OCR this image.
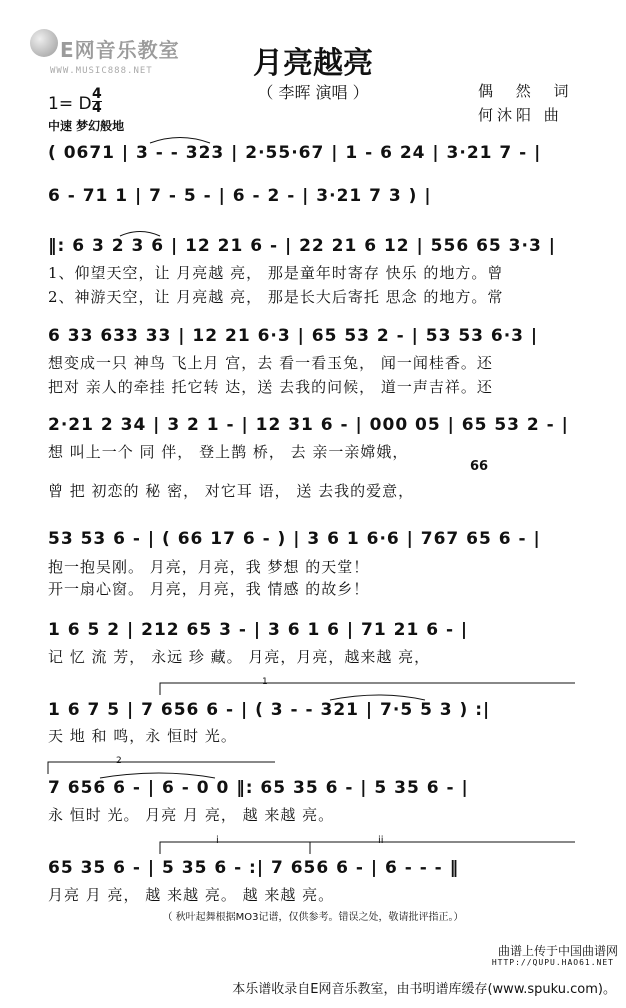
E网音乐教室
WWW.MUSIC888.NET	月亮越亮
（ 李晖 演唱 ）
1= D 4
4
中速 梦幻般地
偶 然 词
何沐阳 曲
( 0671 | 3 - - 323 | 2·55·67 | 1 - 6 24 | 3·21 7 - |
6 - 71 1 | 7 - 5 - | 6 - 2 - | 3·21 7 3 ) |
‖: 6 3 2 3 6 | 12 21 6 - | 22 21 6 12 | 556 65 3·3 |
1、仰望天空，让 月亮越 亮， 那是童年时寄存 快乐 的地方。曾
2、神游天空，让 月亮越 亮， 那是长大后寄托 思念 的地方。常
6 33 633 33 | 12 21 6·3 | 65 53 2 - | 53 53 6·3 |
想变成一只 神鸟 飞上月 宫，去 看一看玉兔， 闻一闻桂香。还
把对 亲人的牵挂 托它转 达，送 去我的问候， 道一声吉祥。还
2·21 2 34 | 3 2 1 - | 12 31 6 - | 000 05 | 65 53 2 - |
想 叫上一个 同 伴， 登上鹊 桥， 去 亲一亲嫦娥，
66
曾 把 初恋的 秘 密， 对它耳 语， 送 去我的爱意，
53 53 6 - | ( 66 17 6 - ) | 3 6 1 6·6 | 767 65 6 - |
抱一抱吴刚。 月亮，月亮，我 梦想 的天堂！
开一扇心窗。 月亮，月亮，我 情感 的故乡！
1 6 5 2 | 212 65 3 - | 3 6 1 6 | 71 21 6 - |
记 忆 流 芳， 永远 珍 藏。 月亮，月亮，越来越 亮，
1 6 7 5 | 7 656 6 - | ( 3 - - 321 | 7·5 5 3 ) :|
天 地 和 鸣，永 恒时 光。
1
7 656 6 - | 6 - 0 0 ‖: 65 35 6 - | 5 35 6 - |
永 恒时 光。 月亮 月 亮， 越 来越 亮。
2
65 35 6 - | 5 35 6 - :| 7 656 6 - | 6 - - - ‖
月亮 月 亮， 越 来越 亮。 越 来越 亮。
i	ii
（ 秋叶起舞根据MO3记谱，仅供参考。错误之处，敬请批评指正。）
曲谱上传于中国曲谱网
HTTP://QUPU.HAO61.NET
本乐谱收录自E网音乐教室，由书明谱库缓存(www.spuku.com)。
